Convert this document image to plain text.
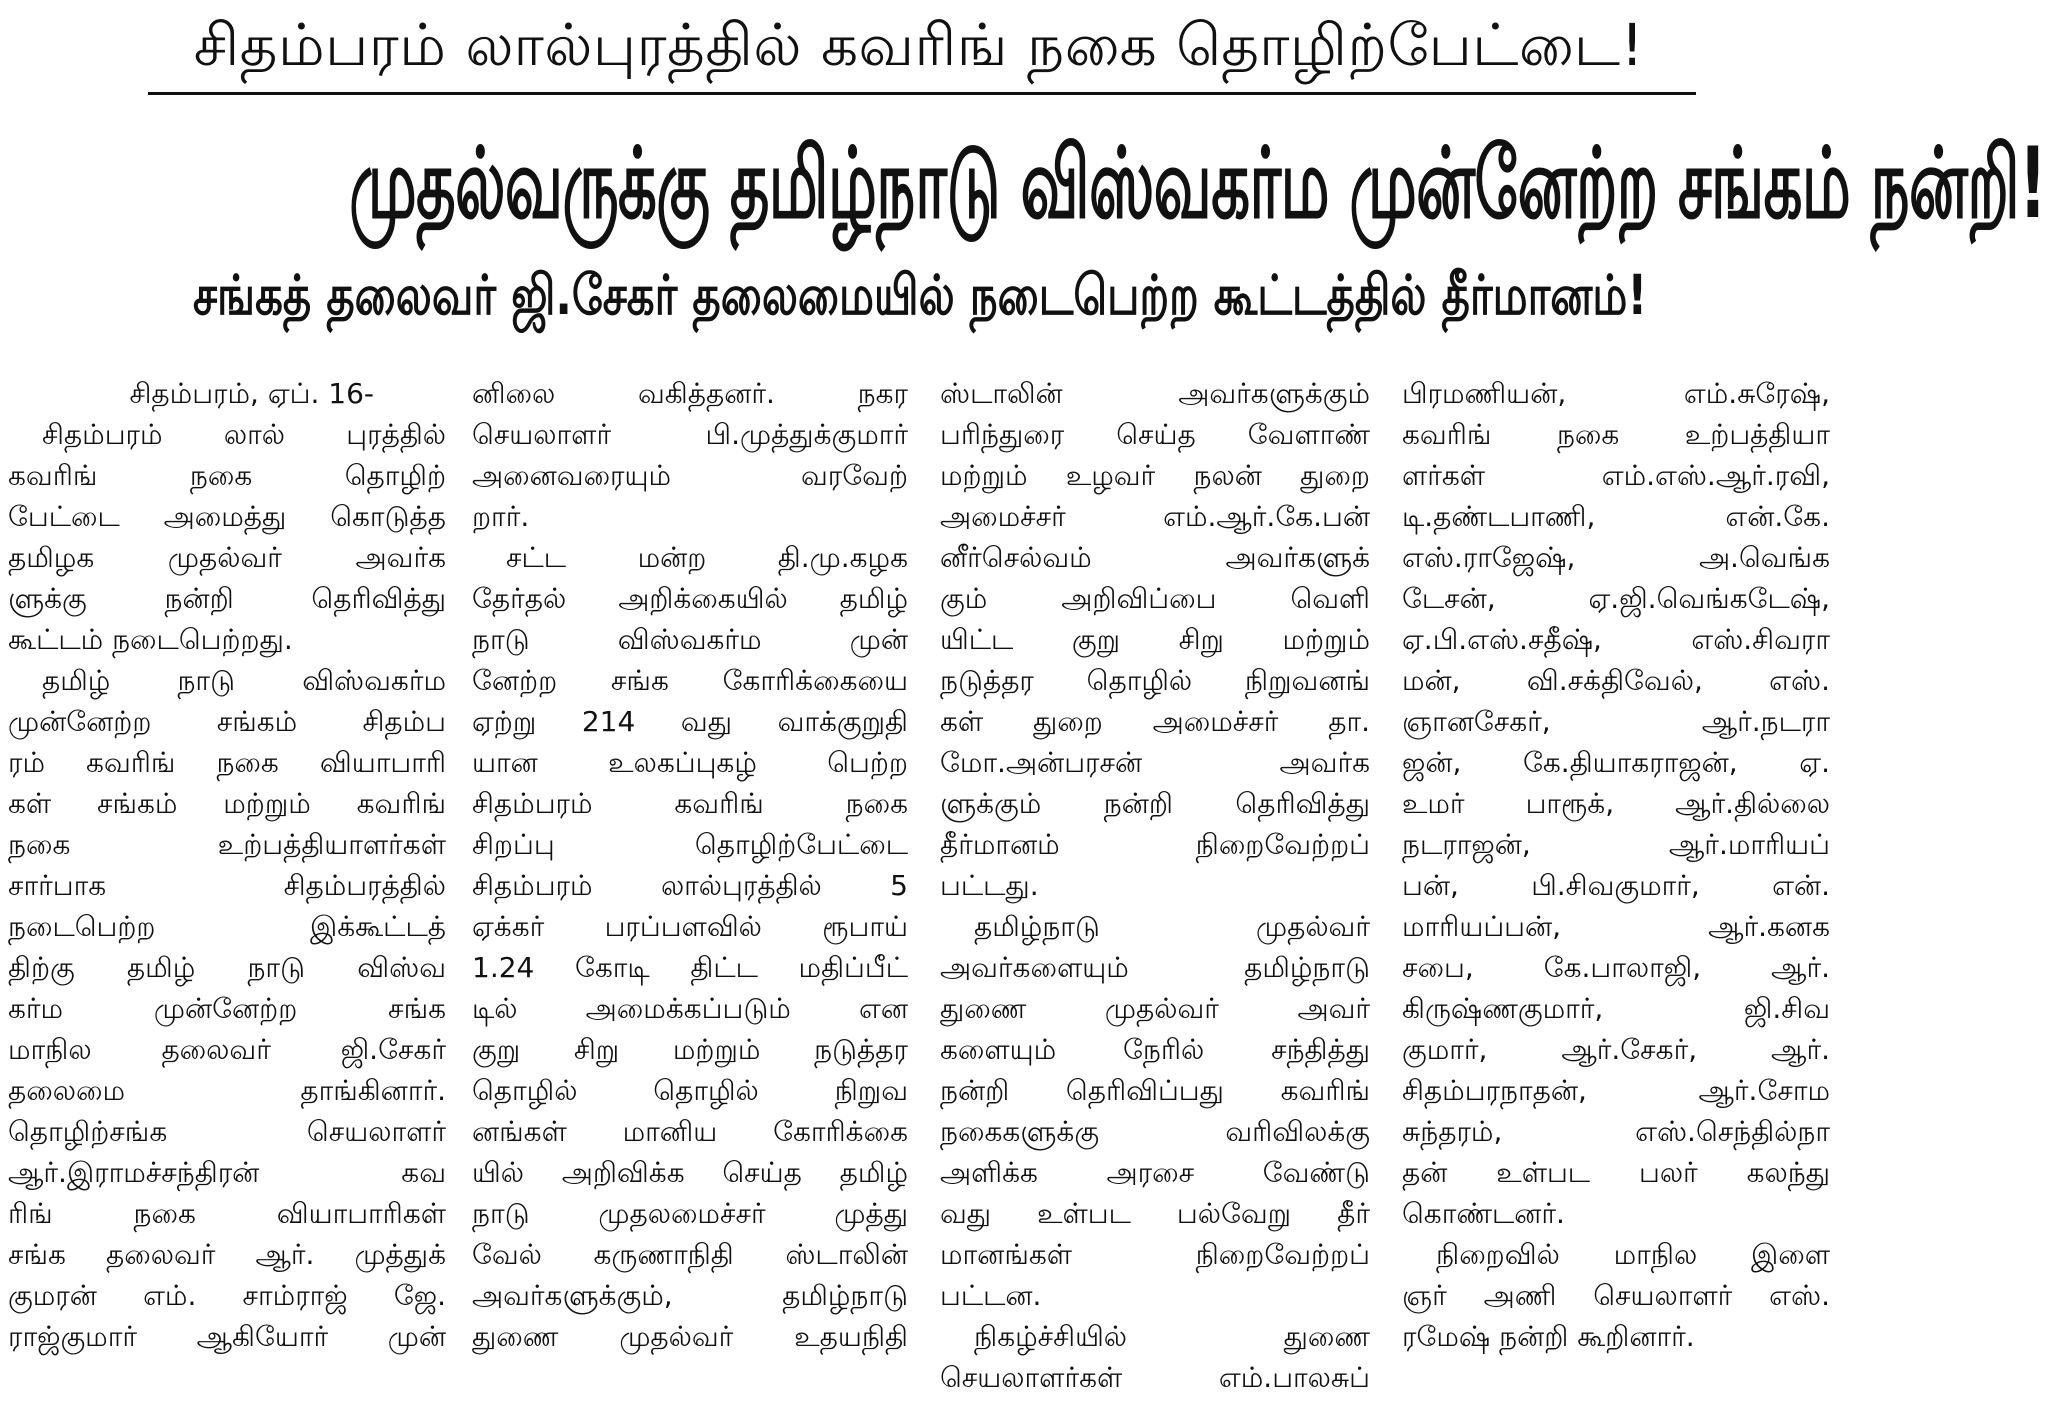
சிதம்பரம் லால்புரத்தில் கவரிங் நகை தொழிற்பேட்டை!
முதல்வருக்கு தமிழ்நாடு விஸ்வகர்ம முன்னேற்ற சங்கம் நன்றி!
சங்கத் தலைவர் ஜி.சேகர் தலைமையில் நடைபெற்ற கூட்டத்தில் தீர்மானம்!

சிதம்பரம், ஏப். 16-

சிதம்பரம் லால் புரத்தில்

கவரிங் நகை தொழிற்

பேட்டை அமைத்து கொடுத்த

தமிழக முதல்வர் அவர்க

ளுக்கு நன்றி தெரிவித்து

கூட்டம் நடைபெற்றது.

தமிழ் நாடு விஸ்வகர்ம

முன்னேற்ற சங்கம் சிதம்ப

ரம் கவரிங் நகை வியாபாரி

கள் சங்கம் மற்றும் கவரிங்

நகை உற்பத்தியாளர்கள்

சார்பாக சிதம்பரத்தில்

நடைபெற்ற இக்கூட்டத்

திற்கு தமிழ் நாடு விஸ்வ

கர்ம முன்னேற்ற சங்க

மாநில தலைவர் ஜி.சேகர்

தலைமை தாங்கினார்.

தொழிற்சங்க செயலாளர்

ஆர்.இராமச்சந்திரன் கவ

ரிங் நகை வியாபாரிகள்

சங்க தலைவர் ஆர். முத்துக்

குமரன் எம். சாம்ராஜ் ஜே.

ராஜ்குமார் ஆகியோர் முன்

னிலை வகித்தனர். நகர

செயலாளர் பி.முத்துக்குமார்

அனைவரையும் வரவேற்

றார்.

சட்ட மன்ற தி.மு.கழக

தேர்தல் அறிக்கையில் தமிழ்

நாடு விஸ்வகர்ம முன்

னேற்ற சங்க கோரிக்கையை

ஏற்று 214 வது வாக்குறுதி

யான உலகப்புகழ் பெற்ற

சிதம்பரம் கவரிங் நகை

சிறப்பு தொழிற்பேட்டை

சிதம்பரம் லால்புரத்தில் 5

ஏக்கர் பரப்பளவில் ரூபாய்

1.24 கோடி திட்ட மதிப்பீட்

டில் அமைக்கப்படும் என

குறு சிறு மற்றும் நடுத்தர

தொழில் தொழில் நிறுவ

னங்கள் மானிய கோரிக்கை

யில் அறிவிக்க செய்த தமிழ்

நாடு முதலமைச்சர் முத்து

வேல் கருணாநிதி ஸ்டாலின்

அவர்களுக்கும், தமிழ்நாடு

துணை முதல்வர் உதயநிதி

ஸ்டாலின் அவர்களுக்கும்

பரிந்துரை செய்த வேளாண்

மற்றும் உழவர் நலன் துறை

அமைச்சர் எம்.ஆர்.கே.பன்

னீர்செல்வம் அவர்களுக்

கும் அறிவிப்பை வெளி

யிட்ட குறு சிறு மற்றும்

நடுத்தர தொழில் நிறுவனங்

கள் துறை அமைச்சர் தா.

மோ.அன்பரசன் அவர்க

ளுக்கும் நன்றி தெரிவித்து

தீர்மானம் நிறைவேற்றப்

பட்டது.

தமிழ்நாடு முதல்வர்

அவர்களையும் தமிழ்நாடு

துணை முதல்வர் அவர்

களையும் நேரில் சந்தித்து

நன்றி தெரிவிப்பது கவரிங்

நகைகளுக்கு வரிவிலக்கு

அளிக்க அரசை வேண்டு

வது உள்பட பல்வேறு தீர்

மானங்கள் நிறைவேற்றப்

பட்டன.

நிகழ்ச்சியில் துணை

செயலாளர்கள் எம்.பாலசுப்

பிரமணியன், எம்.சுரேஷ்,

கவரிங் நகை உற்பத்தியா

ளர்கள் எம்.எஸ்.ஆர்.ரவி,

டி.தண்டபாணி, என்.கே.

எஸ்.ராஜேஷ், அ.வெங்க

டேசன், ஏ.ஜி.வெங்கடேஷ்,

ஏ.பி.எஸ்.சதீஷ், எஸ்.சிவரா

மன், வி.சக்திவேல், எஸ்.

ஞானசேகர், ஆர்.நடரா

ஜன், கே.தியாகராஜன், ஏ.

உமர் பாரூக், ஆர்.தில்லை

நடராஜன், ஆர்.மாரியப்

பன், பி.சிவகுமார், என்.

மாரியப்பன், ஆர்.கனக

சபை, கே.பாலாஜி, ஆர்.

கிருஷ்ணகுமார், ஜி.சிவ

குமார், ஆர்.சேகர், ஆர்.

சிதம்பரநாதன், ஆர்.சோம

சுந்தரம், எஸ்.செந்தில்நா

தன் உள்பட பலர் கலந்து

கொண்டனர்.

நிறைவில் மாநில இளை

ஞர் அணி செயலாளர் எஸ்.

ரமேஷ் நன்றி கூறினார்.
